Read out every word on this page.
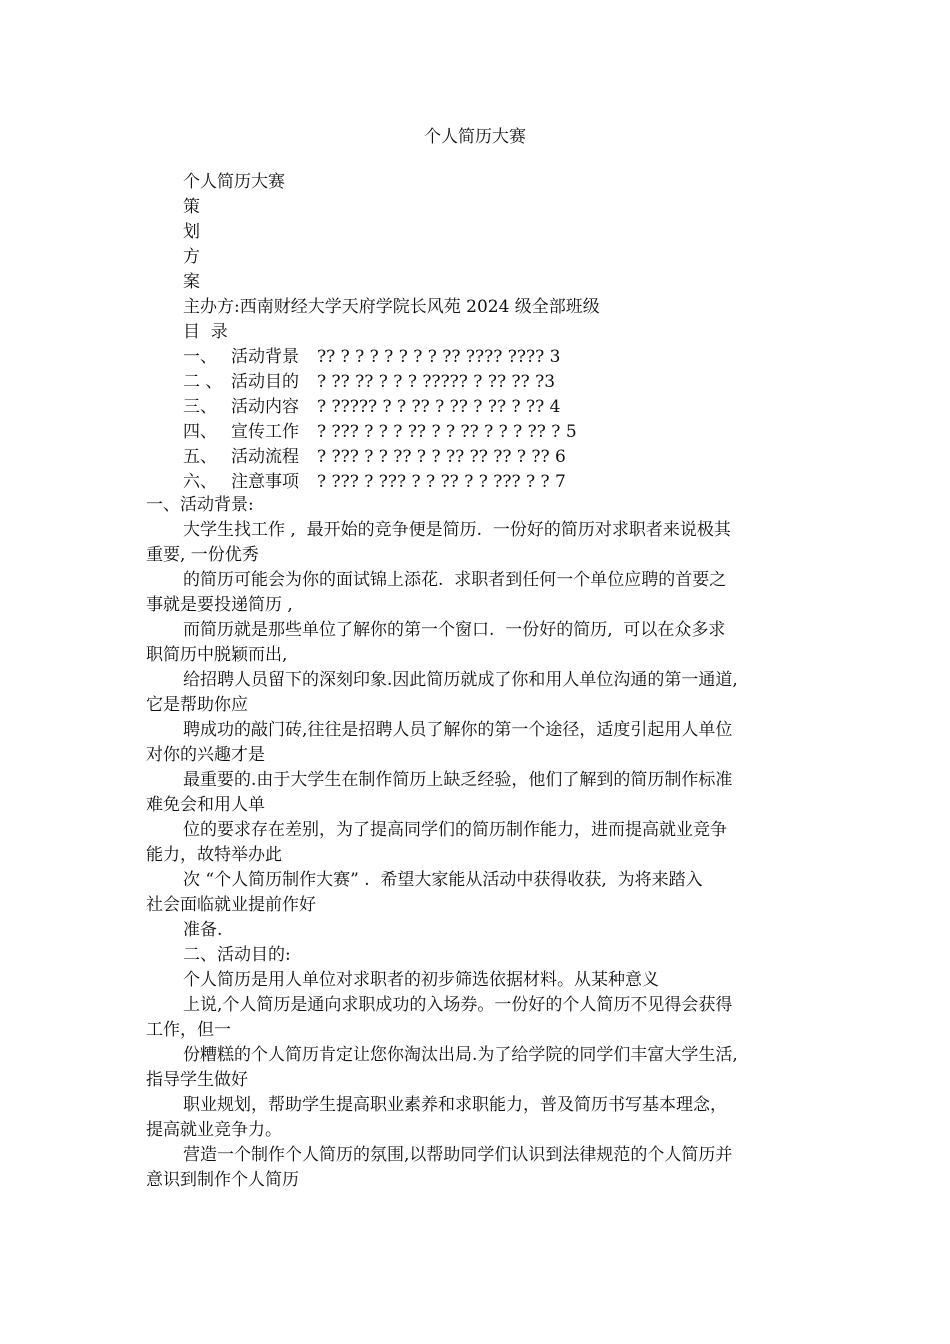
个人简历大赛
个人简历大赛
策
划
方
案
主办方:西南财经大学天府学院长风苑 2024 级全部班级
目  录
一、 活动背景	?? ? ? ? ? ? ? ? ?? ???? ???? 3
二 、 活动目的	? ?? ?? ? ? ? ????? ? ?? ?? ?3
三、 活动内容	? ????? ? ? ?? ? ?? ? ?? ? ?? 4
四、 宣传工作	? ??? ? ? ? ?? ? ? ?? ? ? ? ?? ? 5
五、 活动流程	? ??? ? ? ?? ? ? ?? ?? ?? ? ?? 6
六、 注意事项	? ??? ? ??? ? ? ?? ? ? ??? ? ? 7
一、活动背景:
大学生找工作 ,  最开始的竞争便是简历.  一份好的简历对求职者来说极其
重要, 一份优秀
的简历可能会为你的面试锦上添花.  求职者到任何一个单位应聘的首要之
事就是要投递简历 ,
而简历就是那些单位了解你的第一个窗口.  一份好的简历,  可以在众多求
职简历中脱颖而出,
给招聘人员留下的深刻印象.因此简历就成了你和用人单位沟通的第一通道,
它是帮助你应
聘成功的敲门砖,往往是招聘人员了解你的第一个途径，适度引起用人单位
对你的兴趣才是
最重要的.由于大学生在制作简历上缺乏经验，他们了解到的简历制作标准
难免会和用人单
位的要求存在差别，为了提高同学们的简历制作能力，进而提高就业竞争
能力，故特举办此
次 “个人简历制作大赛” .  希望大家能从活动中获得收获,  为将来踏入
社会面临就业提前作好
准备.
二、活动目的:
个人简历是用人单位对求职者的初步筛选依据材料。从某种意义
上说,个人简历是通向求职成功的入场券。一份好的个人简历不见得会获得
工作，但一
份糟糕的个人简历肯定让您你淘汰出局.为了给学院的同学们丰富大学生活,
指导学生做好
职业规划，帮助学生提高职业素养和求职能力，普及简历书写基本理念，
提高就业竞争力。
营造一个制作个人简历的氛围,以帮助同学们认识到法律规范的个人简历并
意识到制作个人简历
